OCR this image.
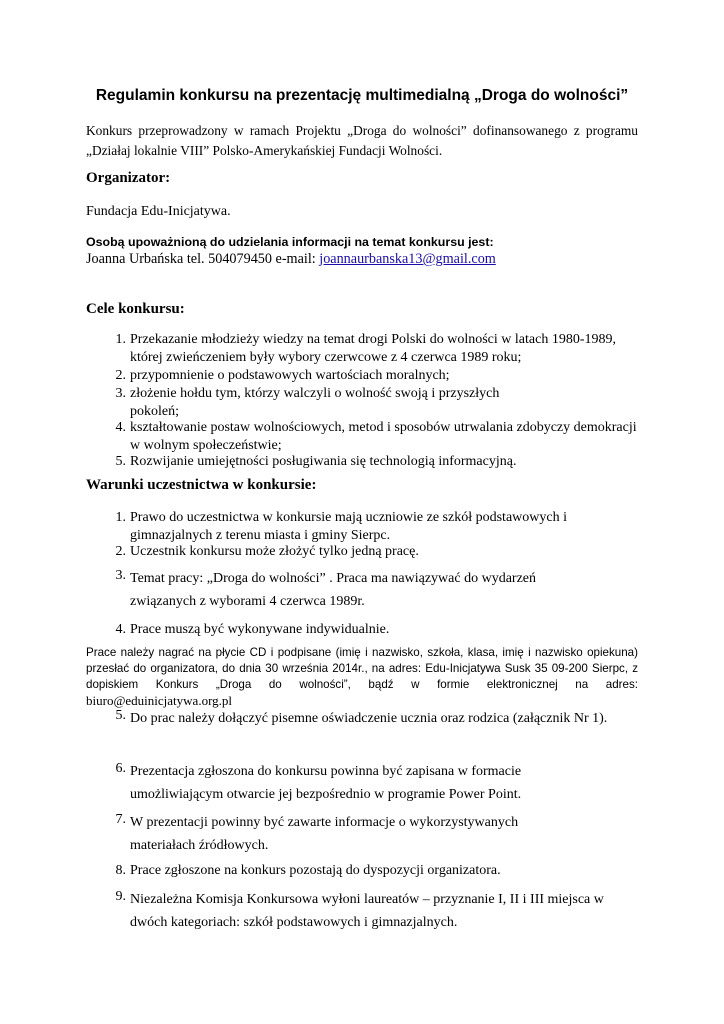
Regulamin konkursu na prezentację multimedialną „Droga do wolności”
Konkurs przeprowadzony w ramach Projektu „Droga do wolności” dofinansowanego z programu „Działaj lokalnie VIII” Polsko-Amerykańskiej Fundacji Wolności.
Organizator:
Fundacja Edu-Inicjatywa.
Osobą upoważnioną do udzielania informacji na temat konkursu jest:
Joanna Urbańska tel. 504079450 e-mail: joannaurbanska13@gmail.com
Cele konkursu:
1. Przekazanie młodzieży wiedzy na temat drogi Polski do wolności w latach 1980-1989, której zwieńczeniem były wybory czerwcowe z 4 czerwca 1989 roku;
2. przypomnienie o podstawowych wartościach moralnych;
3. złożenie hołdu tym, którzy walczyli o wolność swoją i przyszłych pokoleń;
4. kształtowanie postaw wolnościowych, metod i sposobów utrwalania zdobyczy demokracji w wolnym społeczeństwie;
5. Rozwijanie umiejętności posługiwania się technologią informacyjną.
Warunki uczestnictwa w konkursie:
1. Prawo do uczestnictwa w konkursie mają uczniowie ze szkół podstawowych i gimnazjalnych z terenu miasta i gminy Sierpc.
2. Uczestnik konkursu może złożyć tylko jedną pracę.
3. Temat pracy: „Droga do wolności” . Praca ma nawiązywać do wydarzeń związanych z wyborami 4 czerwca 1989r.
4. Prace muszą być wykonywane indywidualnie.
Prace należy nagrać na płycie CD i podpisane (imię i nazwisko, szkoła, klasa, imię i nazwisko opiekuna) przesłać do organizatora, do dnia 30 września 2014r., na adres: Edu-Inicjatywa Susk 35 09-200 Sierpc, z dopiskiem Konkurs „Droga do wolności”, bądź w formie elektronicznej na adres: biuro@eduinicjatywa.org.pl
5. Do prac należy dołączyć pisemne oświadczenie ucznia oraz rodzica (załącznik Nr 1).
6. Prezentacja zgłoszona do konkursu powinna być zapisana w formacie umożliwiającym otwarcie jej bezpośrednio w programie Power Point.
7. W prezentacji powinny być zawarte informacje o wykorzystywanych materiałach źródłowych.
8. Prace zgłoszone na konkurs pozostają do dyspozycji organizatora.
9. Niezależna Komisja Konkursowa wyłoni laureatów – przyznanie I, II i III miejsca w dwóch kategoriach: szkół podstawowych i gimnazjalnych.
